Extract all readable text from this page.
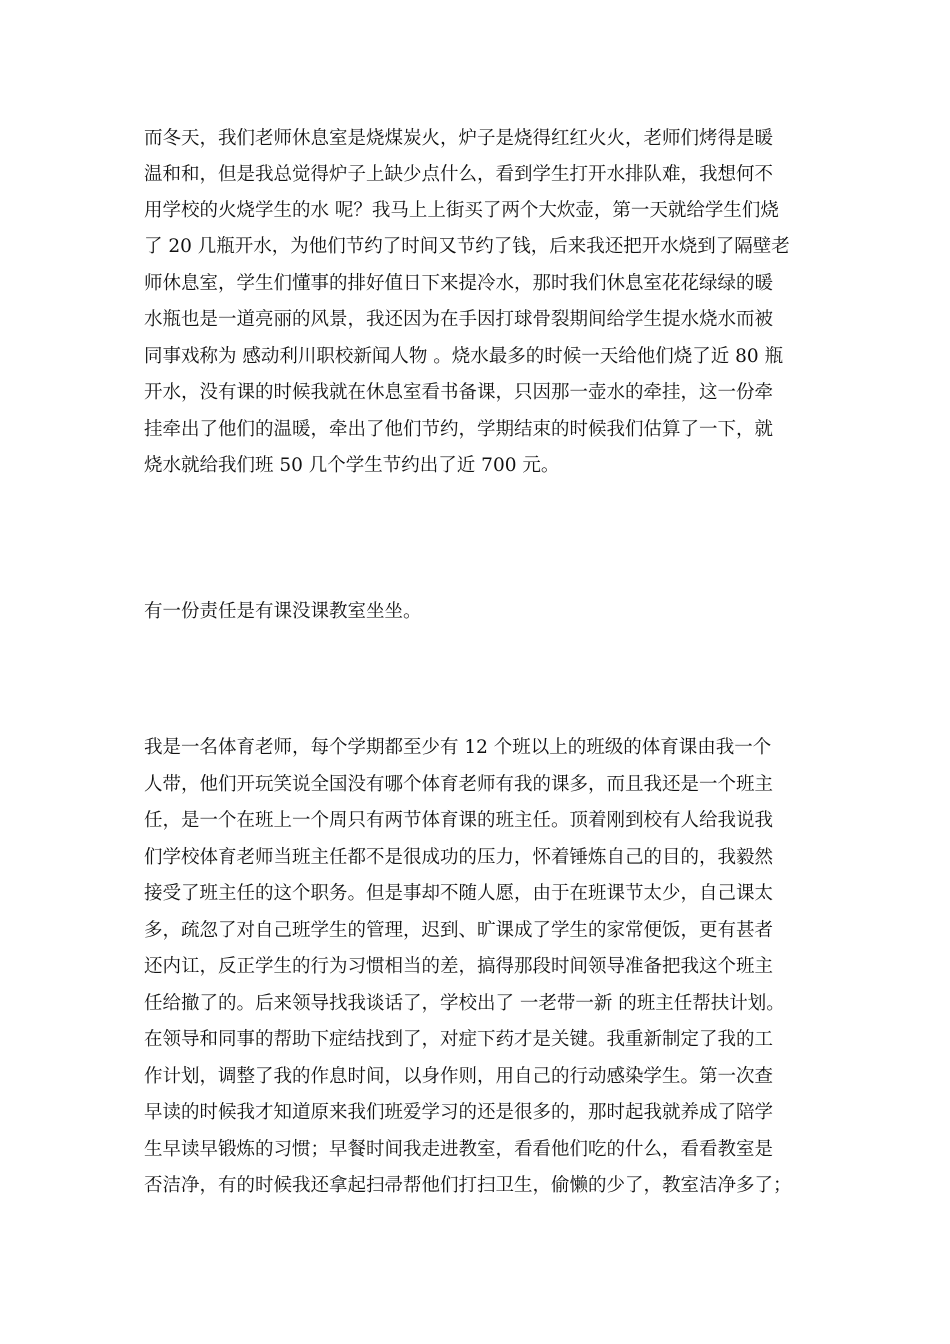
而冬天，我们老师休息室是烧煤炭火，炉子是烧得红红火火，老师们烤得是暖
温和和，但是我总觉得炉子上缺少点什么，看到学生打开水排队难，我想何不
用学校的火烧学生的水 呢？我马上上街买了两个大炊壶，第一天就给学生们烧
了 20 几瓶开水，为他们节约了时间又节约了钱，后来我还把开水烧到了隔壁老
师休息室，学生们懂事的排好值日下来提冷水，那时我们休息室花花绿绿的暖
水瓶也是一道亮丽的风景，我还因为在手因打球骨裂期间给学生提水烧水而被
同事戏称为 感动利川职校新闻人物 。烧水最多的时候一天给他们烧了近 80 瓶
开水，没有课的时候我就在休息室看书备课，只因那一壶水的牵挂，这一份牵
挂牵出了他们的温暖，牵出了他们节约，学期结束的时候我们估算了一下，就
烧水就给我们班 50 几个学生节约出了近 700 元。
有一份责任是有课没课教室坐坐。
我是一名体育老师，每个学期都至少有 12 个班以上的班级的体育课由我一个
人带，他们开玩笑说全国没有哪个体育老师有我的课多，而且我还是一个班主
任，是一个在班上一个周只有两节体育课的班主任。顶着刚到校有人给我说我
们学校体育老师当班主任都不是很成功的压力，怀着锤炼自己的目的，我毅然
接受了班主任的这个职务。但是事却不随人愿，由于在班课节太少，自己课太
多，疏忽了对自己班学生的管理，迟到、旷课成了学生的家常便饭，更有甚者
还内讧，反正学生的行为习惯相当的差，搞得那段时间领导准备把我这个班主
任给撤了的。后来领导找我谈话了，学校出了 一老带一新 的班主任帮扶计划。
在领导和同事的帮助下症结找到了，对症下药才是关键。我重新制定了我的工
作计划，调整了我的作息时间，以身作则，用自己的行动感染学生。第一次查
早读的时候我才知道原来我们班爱学习的还是很多的，那时起我就养成了陪学
生早读早锻炼的习惯；早餐时间我走进教室，看看他们吃的什么，看看教室是
否洁净，有的时候我还拿起扫帚帮他们打扫卫生，偷懒的少了，教室洁净多了；
